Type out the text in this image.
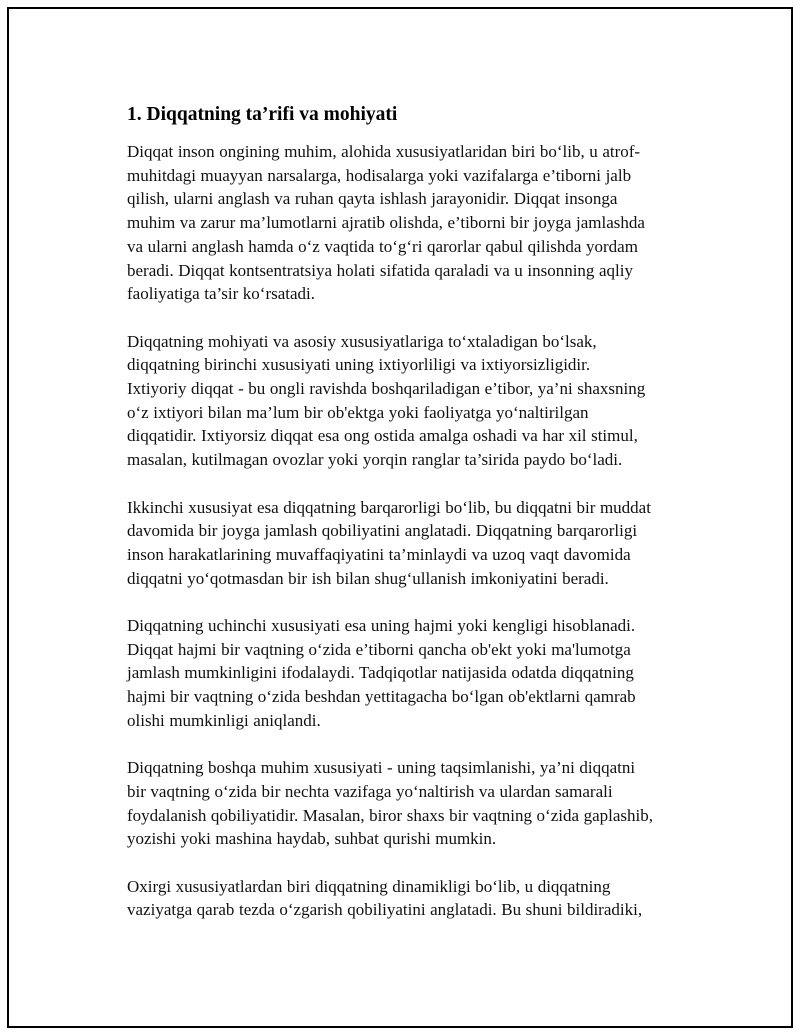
1. Diqqatning ta’rifi va mohiyati

Diqqat inson ongining muhim, alohida xususiyatlaridan biri bo‘lib, u atrof-
muhitdagi muayyan narsalarga, hodisalarga yoki vazifalarga e’tiborni jalb
qilish, ularni anglash va ruhan qayta ishlash jarayonidir. Diqqat insonga
muhim va zarur ma’lumotlarni ajratib olishda, e’tiborni bir joyga jamlashda
va ularni anglash hamda o‘z vaqtida to‘g‘ri qarorlar qabul qilishda yordam
beradi. Diqqat kontsentratsiya holati sifatida qaraladi va u insonning aqliy
faoliyatiga ta’sir ko‘rsatadi.

Diqqatning mohiyati va asosiy xususiyatlariga to‘xtaladigan bo‘lsak,
diqqatning birinchi xususiyati uning ixtiyorliligi va ixtiyorsizligidir.
Ixtiyoriy diqqat - bu ongli ravishda boshqariladigan e’tibor, ya’ni shaxsning
o‘z ixtiyori bilan ma’lum bir ob'ektga yoki faoliyatga yo‘naltirilgan
diqqatidir. Ixtiyorsiz diqqat esa ong ostida amalga oshadi va har xil stimul,
masalan, kutilmagan ovozlar yoki yorqin ranglar ta’sirida paydo bo‘ladi.

Ikkinchi xususiyat esa diqqatning barqarorligi bo‘lib, bu diqqatni bir muddat
davomida bir joyga jamlash qobiliyatini anglatadi. Diqqatning barqarorligi
inson harakatlarining muvaffaqiyatini ta’minlaydi va uzoq vaqt davomida
diqqatni yo‘qotmasdan bir ish bilan shug‘ullanish imkoniyatini beradi.

Diqqatning uchinchi xususiyati esa uning hajmi yoki kengligi hisoblanadi.
Diqqat hajmi bir vaqtning o‘zida e’tiborni qancha ob'ekt yoki ma'lumotga
jamlash mumkinligini ifodalaydi. Tadqiqotlar natijasida odatda diqqatning
hajmi bir vaqtning o‘zida beshdan yettitagacha bo‘lgan ob'ektlarni qamrab
olishi mumkinligi aniqlandi.

Diqqatning boshqa muhim xususiyati - uning taqsimlanishi, ya’ni diqqatni
bir vaqtning o‘zida bir nechta vazifaga yo‘naltirish va ulardan samarali
foydalanish qobiliyatidir. Masalan, biror shaxs bir vaqtning o‘zida gaplashib,
yozishi yoki mashina haydab, suhbat qurishi mumkin.

Oxirgi xususiyatlardan biri diqqatning dinamikligi bo‘lib, u diqqatning
vaziyatga qarab tezda o‘zgarish qobiliyatini anglatadi. Bu shuni bildiradiki,
